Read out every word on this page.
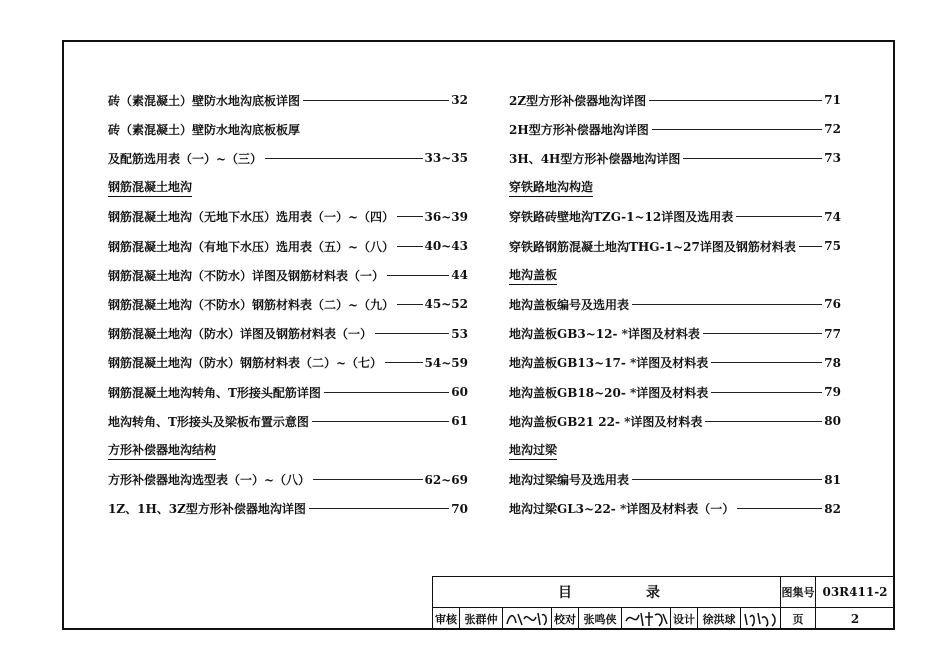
砖（素混凝土）壁防水地沟底板详图	32
砖（素混凝土）壁防水地沟底板板厚
及配筋选用表（一）~（三）	33~35
钢筋混凝土地沟
钢筋混凝土地沟（无地下水压）选用表（一）~（四）	36~39
钢筋混凝土地沟（有地下水压）选用表（五）~（八）	40~43
钢筋混凝土地沟（不防水）详图及钢筋材料表（一）	44
钢筋混凝土地沟（不防水）钢筋材料表（二）~（九）	45~52
钢筋混凝土地沟（防水）详图及钢筋材料表（一）	53
钢筋混凝土地沟（防水）钢筋材料表（二）~（七）	54~59
钢筋混凝土地沟转角、T形接头配筋详图	60
地沟转角、T形接头及梁板布置示意图	61
方形补偿器地沟结构
方形补偿器地沟选型表（一）~（八）	62~69
1Z、1H、3Z型方形补偿器地沟详图	70
2Z型方形补偿器地沟详图	71
2H型方形补偿器地沟详图	72
3H、4H型方形补偿器地沟详图	73
穿铁路地沟构造
穿铁路砖壁地沟TZG-1~12详图及选用表	74
穿铁路钢筋混凝土地沟THG-1~27详图及钢筋材料表 75
地沟盖板
地沟盖板编号及选用表	76
地沟盖板GB3~12- *详图及材料表	77
地沟盖板GB13~17- *详图及材料表	78
地沟盖板GB18~20- *详图及材料表	79
地沟盖板GB21 22- *详图及材料表	80
地沟过梁
地沟过梁编号及选用表	81
地沟过梁GL3~22- *详图及材料表（一）	82
目	录	图集号 03R411-2
审核 张群仲	校对 张鸣侠	设计 徐洪球	页	2
